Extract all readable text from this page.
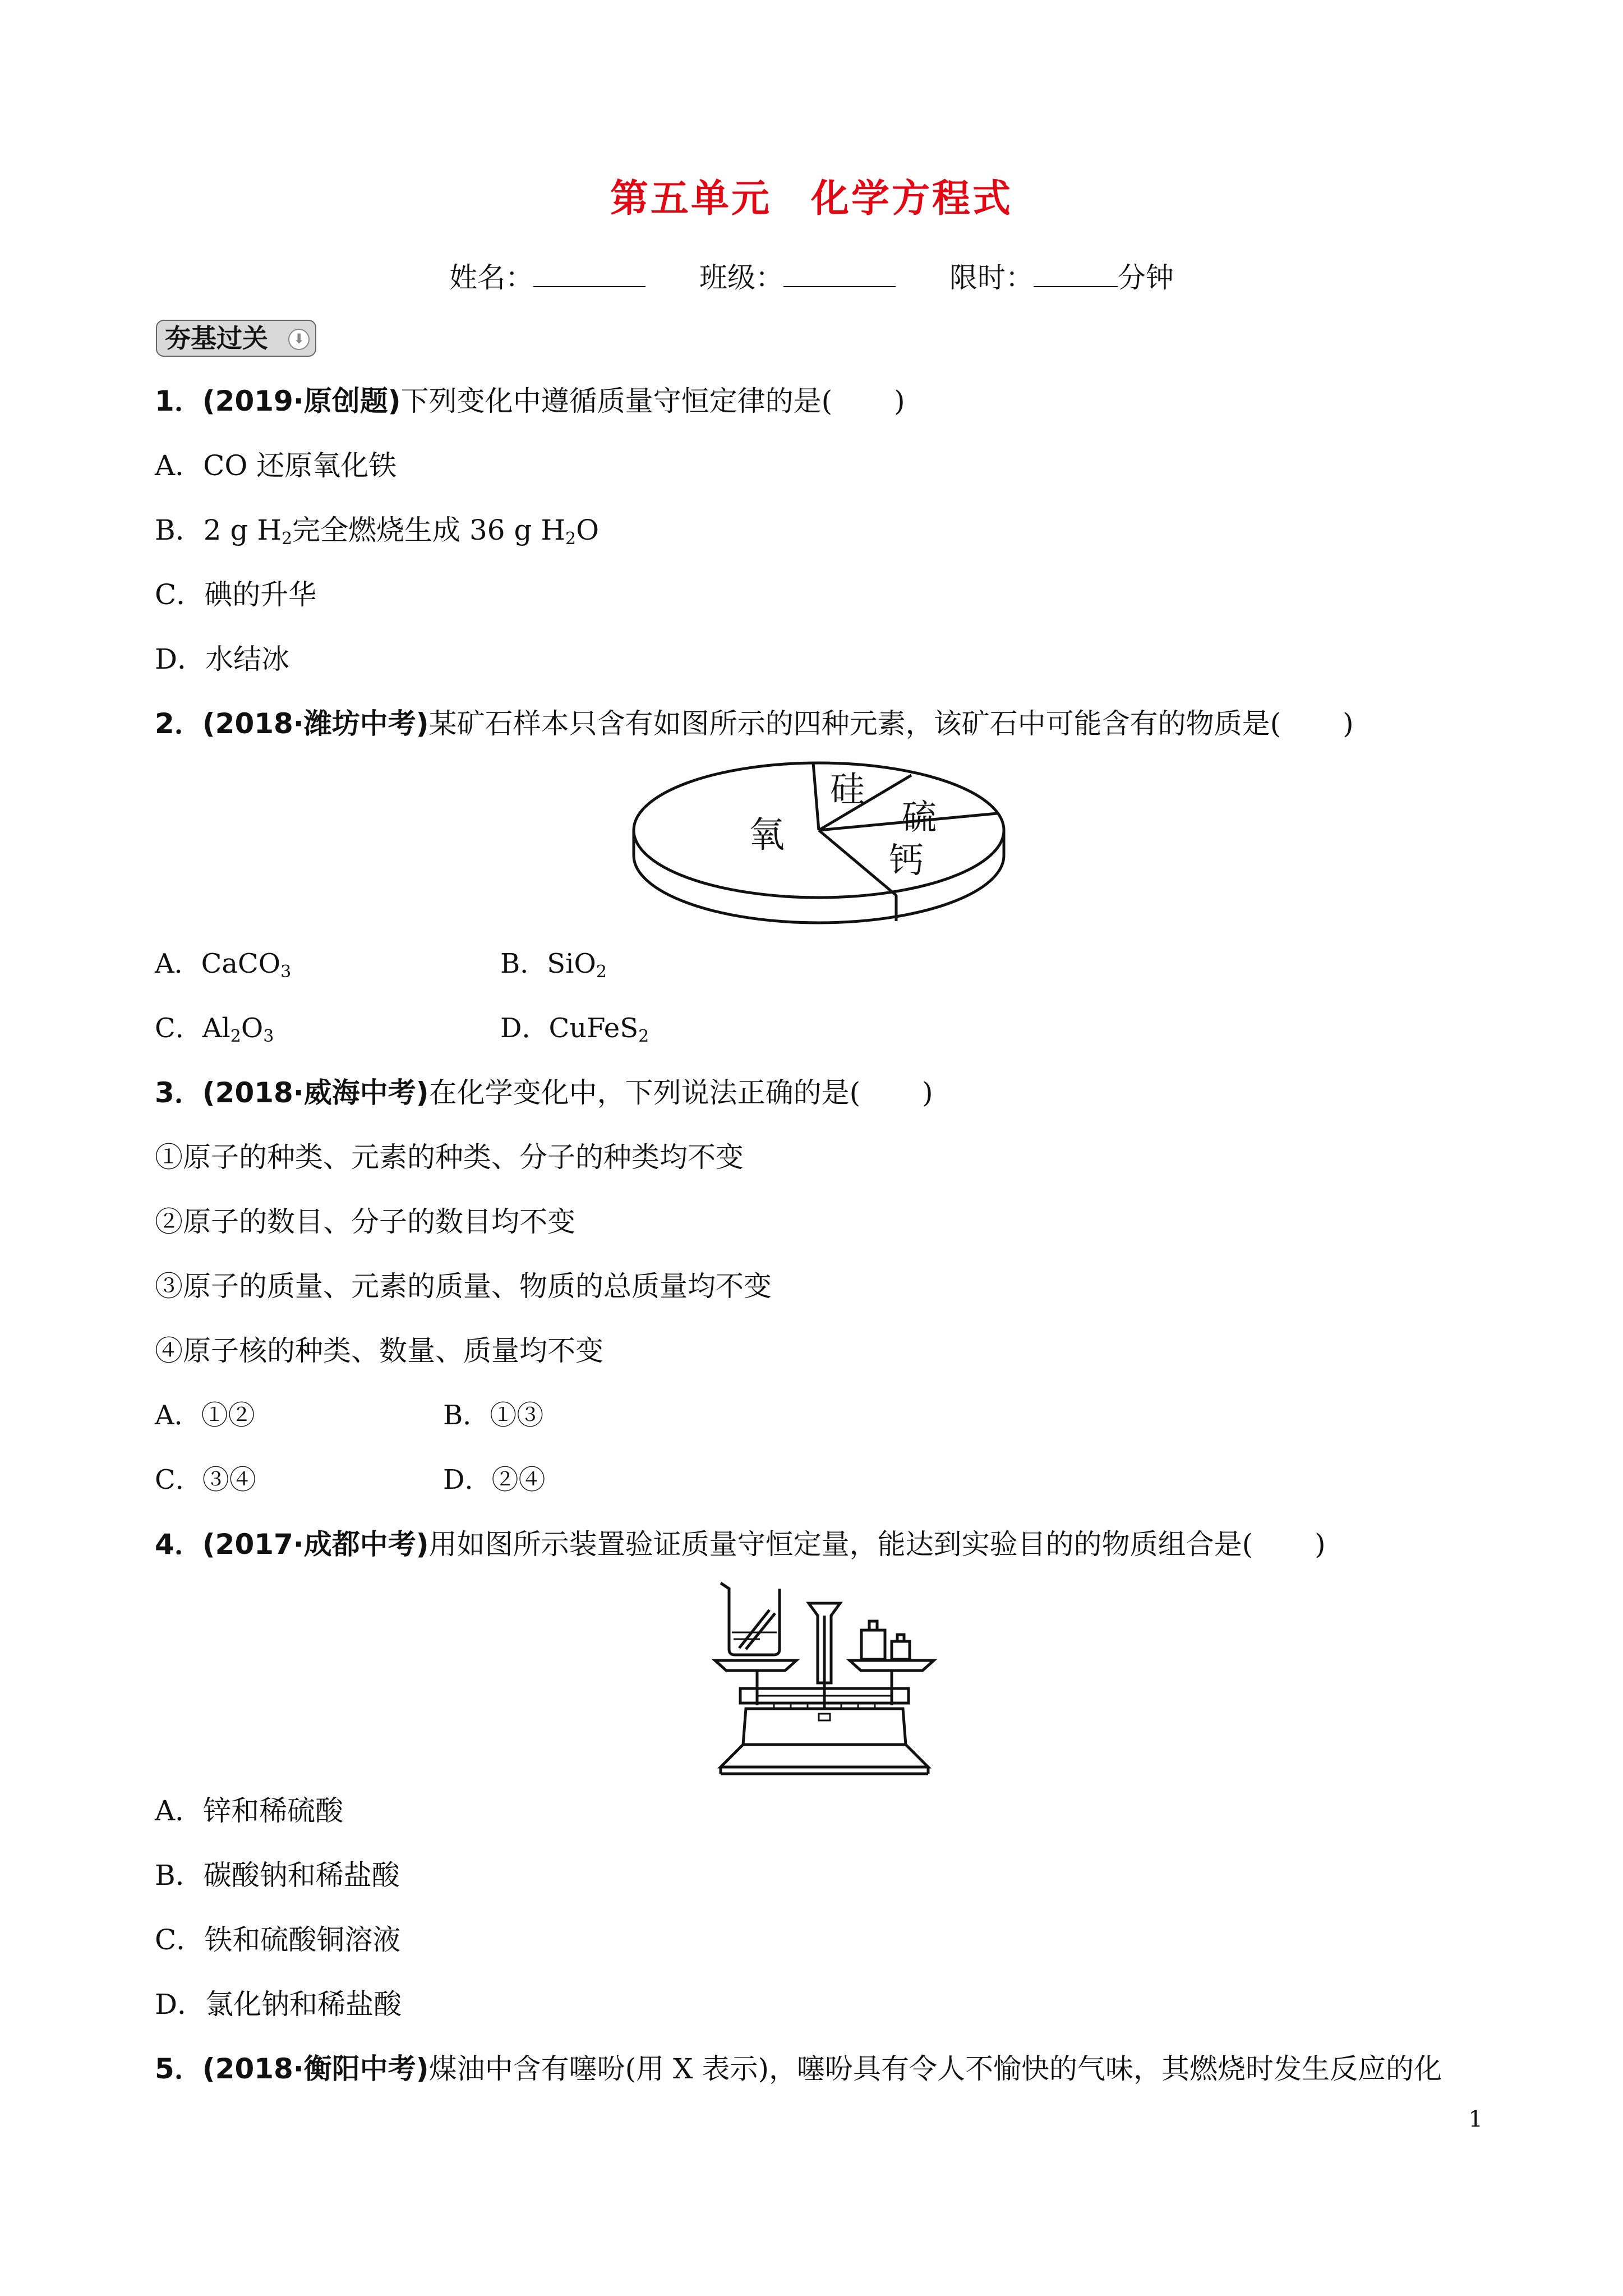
第五单元 化学方程式
姓名：	班级：	限时：	分钟
夯基过关	⬇
1．(2019·原创题)下列变化中遵循质量守恒定律的是( )
A．CO 还原氧化铁
B．2 g $H_2$完全燃烧生成 36 g $H_2O$
C．碘的升华
D．水结冰
2．(2018·潍坊中考)某矿石样本只含有如图所示的四种元素，该矿石中可能含有的物质是( )
氧
硅
硫
钙
A．CaCO$_3$	B．SiO$_2$
C．$Al_2O_3$	D．CuFeS$_2$
3．(2018·威海中考)在化学变化中，下列说法正确的是( )
①原子的种类、元素的种类、分子的种类均不变
②原子的数目、分子的数目均不变
③原子的质量、元素的质量、物质的总质量均不变
④原子核的种类、数量、质量均不变
A．①②	B．①③
C．③④	D．②④
4．(2017·成都中考)用如图所示装置验证质量守恒定量，能达到实验目的的物质组合是( )
A．锌和稀硫酸
B．碳酸钠和稀盐酸
C．铁和硫酸铜溶液
D．氯化钠和稀盐酸
5．(2018·衡阳中考)煤油中含有噻吩(用 X 表示)，噻吩具有令人不愉快的气味，其燃烧时发生反应的化
1
